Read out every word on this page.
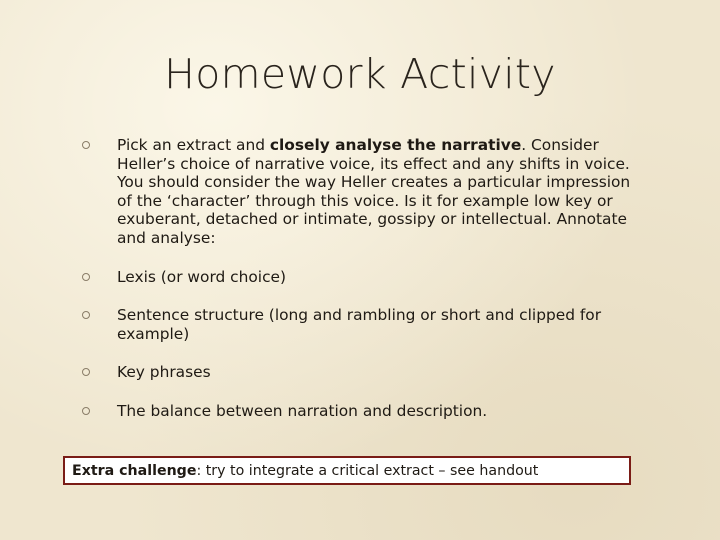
Homework Activity
Pick an extract and closely analyse the narrative. Consider Heller’s choice of narrative voice, its effect and any shifts in voice. You should consider the way Heller creates a particular impression of the ‘character’ through this voice. Is it for example low key or exuberant, detached or intimate, gossipy or intellectual. Annotate and analyse:
Lexis (or word choice)
Sentence structure (long and rambling or short and clipped for example)
Key phrases
The balance between narration and description.
Extra challenge: try to integrate a critical extract – see handout
